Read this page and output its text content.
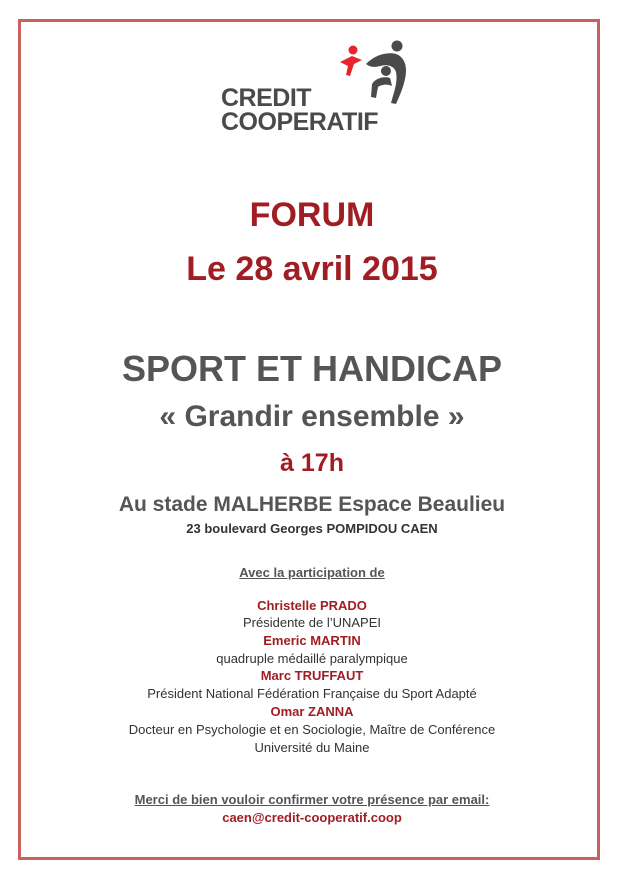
CREDIT
COOPERATIF
FORUM
Le 28 avril 2015
SPORT ET HANDICAP
« Grandir ensemble »
à 17h
Au stade MALHERBE Espace Beaulieu
23 boulevard Georges POMPIDOU CAEN
Avec la participation de
Christelle PRADO
Présidente de l’UNAPEI
Emeric MARTIN
quadruple médaillé paralympique
Marc TRUFFAUT
Président National Fédération Française du Sport Adapté
Omar ZANNA
Docteur en Psychologie et en Sociologie, Maître de Conférence
Université du Maine
Merci de bien vouloir confirmer votre présence par email:
caen@credit-cooperatif.coop
